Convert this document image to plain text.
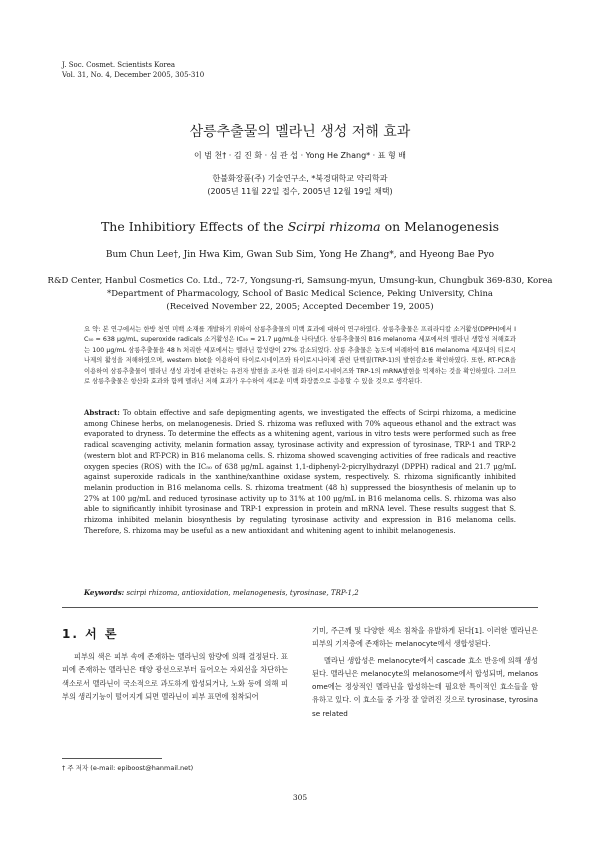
J. Soc. Cosmet. Scientists Korea
Vol. 31, No. 4, December 2005, 305-310
삼릉추출물의 멜라닌 생성 저해 효과
이 범 천† · 김 진 화 · 심 관 섭 · Yong He Zhang* · 표 형 배
한불화장품(주) 기술연구소, *북경대학교 약리학과
(2005년 11월 22일 접수, 2005년 12월 19일 채택)
The Inhibitiory Effects of the Scirpi rhizoma on Melanogenesis
Bum Chun Lee†, Jin Hwa Kim, Gwan Sub Sim, Yong He Zhang*, and Hyeong Bae Pyo
R&D Center, Hanbul Cosmetics Co. Ltd., 72-7, Yongsung-ri, Samsung-myun, Umsung-kun, Chungbuk 369-830, Korea
*Department of Pharmacology, School of Basic Medical Science, Peking University, China
(Received November 22, 2005; Accepted December 19, 2005)
요 약: 본 연구에서는 한방 천연 미백 소재를 개발하기 위하여 삼릉추출물의 미백 효과에 대하여 연구하였다. 삼릉추출물은 프리라디칼 소거활성(DPPH)에서 IC₅₀ = 638 μg/mL, superoxide radicals 소거활성은 IC₅₀ = 21.7 μg/mL을 나타냈다. 삼릉추출물의 B16 melanoma 세포에서의 멜라닌 생합성 저해효과는 100 μg/mL 삼릉추출물을 48 h 처리한 세포에서는 멜라닌 합성량이 27% 감소되었다. 삼릉 추출물은 농도에 비례하여 B16 melanoma 세포내의 티로시나제의 활성을 저해하였으며, western blot을 이용하여 타이로시네이즈와 타이로시나아제 관련 단백질(TRP-1)의 발현감소를 확인하였다. 또한, RT-PCR을 이용하여 삼릉추출물이 멜라닌 생성 과정에 관련하는 유전자 발현을 조사한 결과 타이로시네이즈와 TRP-1의 mRNA발현을 억제하는 것을 확인하였다. 그러므로 삼릉추출물은 항산화 효과와 함께 멜라닌 저해 효과가 우수하여 새로운 미백 화장품으로 응용할 수 있을 것으로 생각된다.
Abstract: To obtain effective and safe depigmenting agents, we investigated the effects of Scirpi rhizoma, a medicine among Chinese herbs, on melanogenesis. Dried S. rhizoma was refluxed with 70% aqueous ethanol and the extract was evaporated to dryness. To determine the effects as a whitening agent, various in vitro tests were performed such as free radical scavenging activity, melanin formation assay, tyrosinase activity and expression of tyrosinase, TRP-1 and TRP-2 (western blot and RT-PCR) in B16 melanoma cells. S. rhizoma showed scavenging activities of free radicals and reactive oxygen species (ROS) with the IC₅₀ of 638 μg/mL against 1,1-diphenyl-2-picrylhydrazyl (DPPH) radical and 21.7 μg/mL against superoxide radicals in the xanthine/xanthine oxidase system, respectively. S. rhizoma significantly inhibited melanin production in B16 melanoma cells. S. rhizoma treatment (48 h) suppressed the biosynthesis of melanin up to 27% at 100 μg/mL and reduced tyrosinase activity up to 31% at 100 μg/mL in B16 melanoma cells. S. rhizoma was also able to significantly inhibit tyrosinase and TRP-1 expression in protein and mRNA level. These results suggest that S. rhizoma inhibited melanin biosynthesis by regulating tyrosinase activity and expression in B16 melanoma cells. Therefore, S. rhizoma may be useful as a new antioxidant and whitening agent to inhibit melanogenesis.
Keywords: scirpi rhizoma, antioxidation, melanogenesis, tyrosinase, TRP-1,2
1. 서 론

피부의 색은 피부 속에 존재하는 멜라닌의 함량에 의해 결정된다. 표피에 존재하는 멜라닌은 태양 광선으로부터 들어오는 자외선을 차단하는 색소로서 멜라닌이 국소적으로 과도하게 합성되거나, 노화 등에 의해 피부의 생리기능이 떨어지게 되면 멜라닌이 피부 표면에 침착되어

기미, 주근깨 및 다양한 색소 침착을 유발하게 된다[1]. 이러한 멜라닌은 피부의 기저층에 존재하는 melanocyte에서 생합성된다.

멜라닌 생합성은 melanocyte에서 cascade 효소 반응에 의해 생성된다. 멜라닌은 melanocyte의 melanosome에서 합성되며, melanosome에는 정상적인 멜라닌을 합성하는데 필요한 특이적인 효소들을 함유하고 있다. 이 효소들 중 가장 잘 알려진 것으로 tyrosinase, tyrosinase related

† 주 저자 (e-mail: epiboost@hanmail.net)
305
